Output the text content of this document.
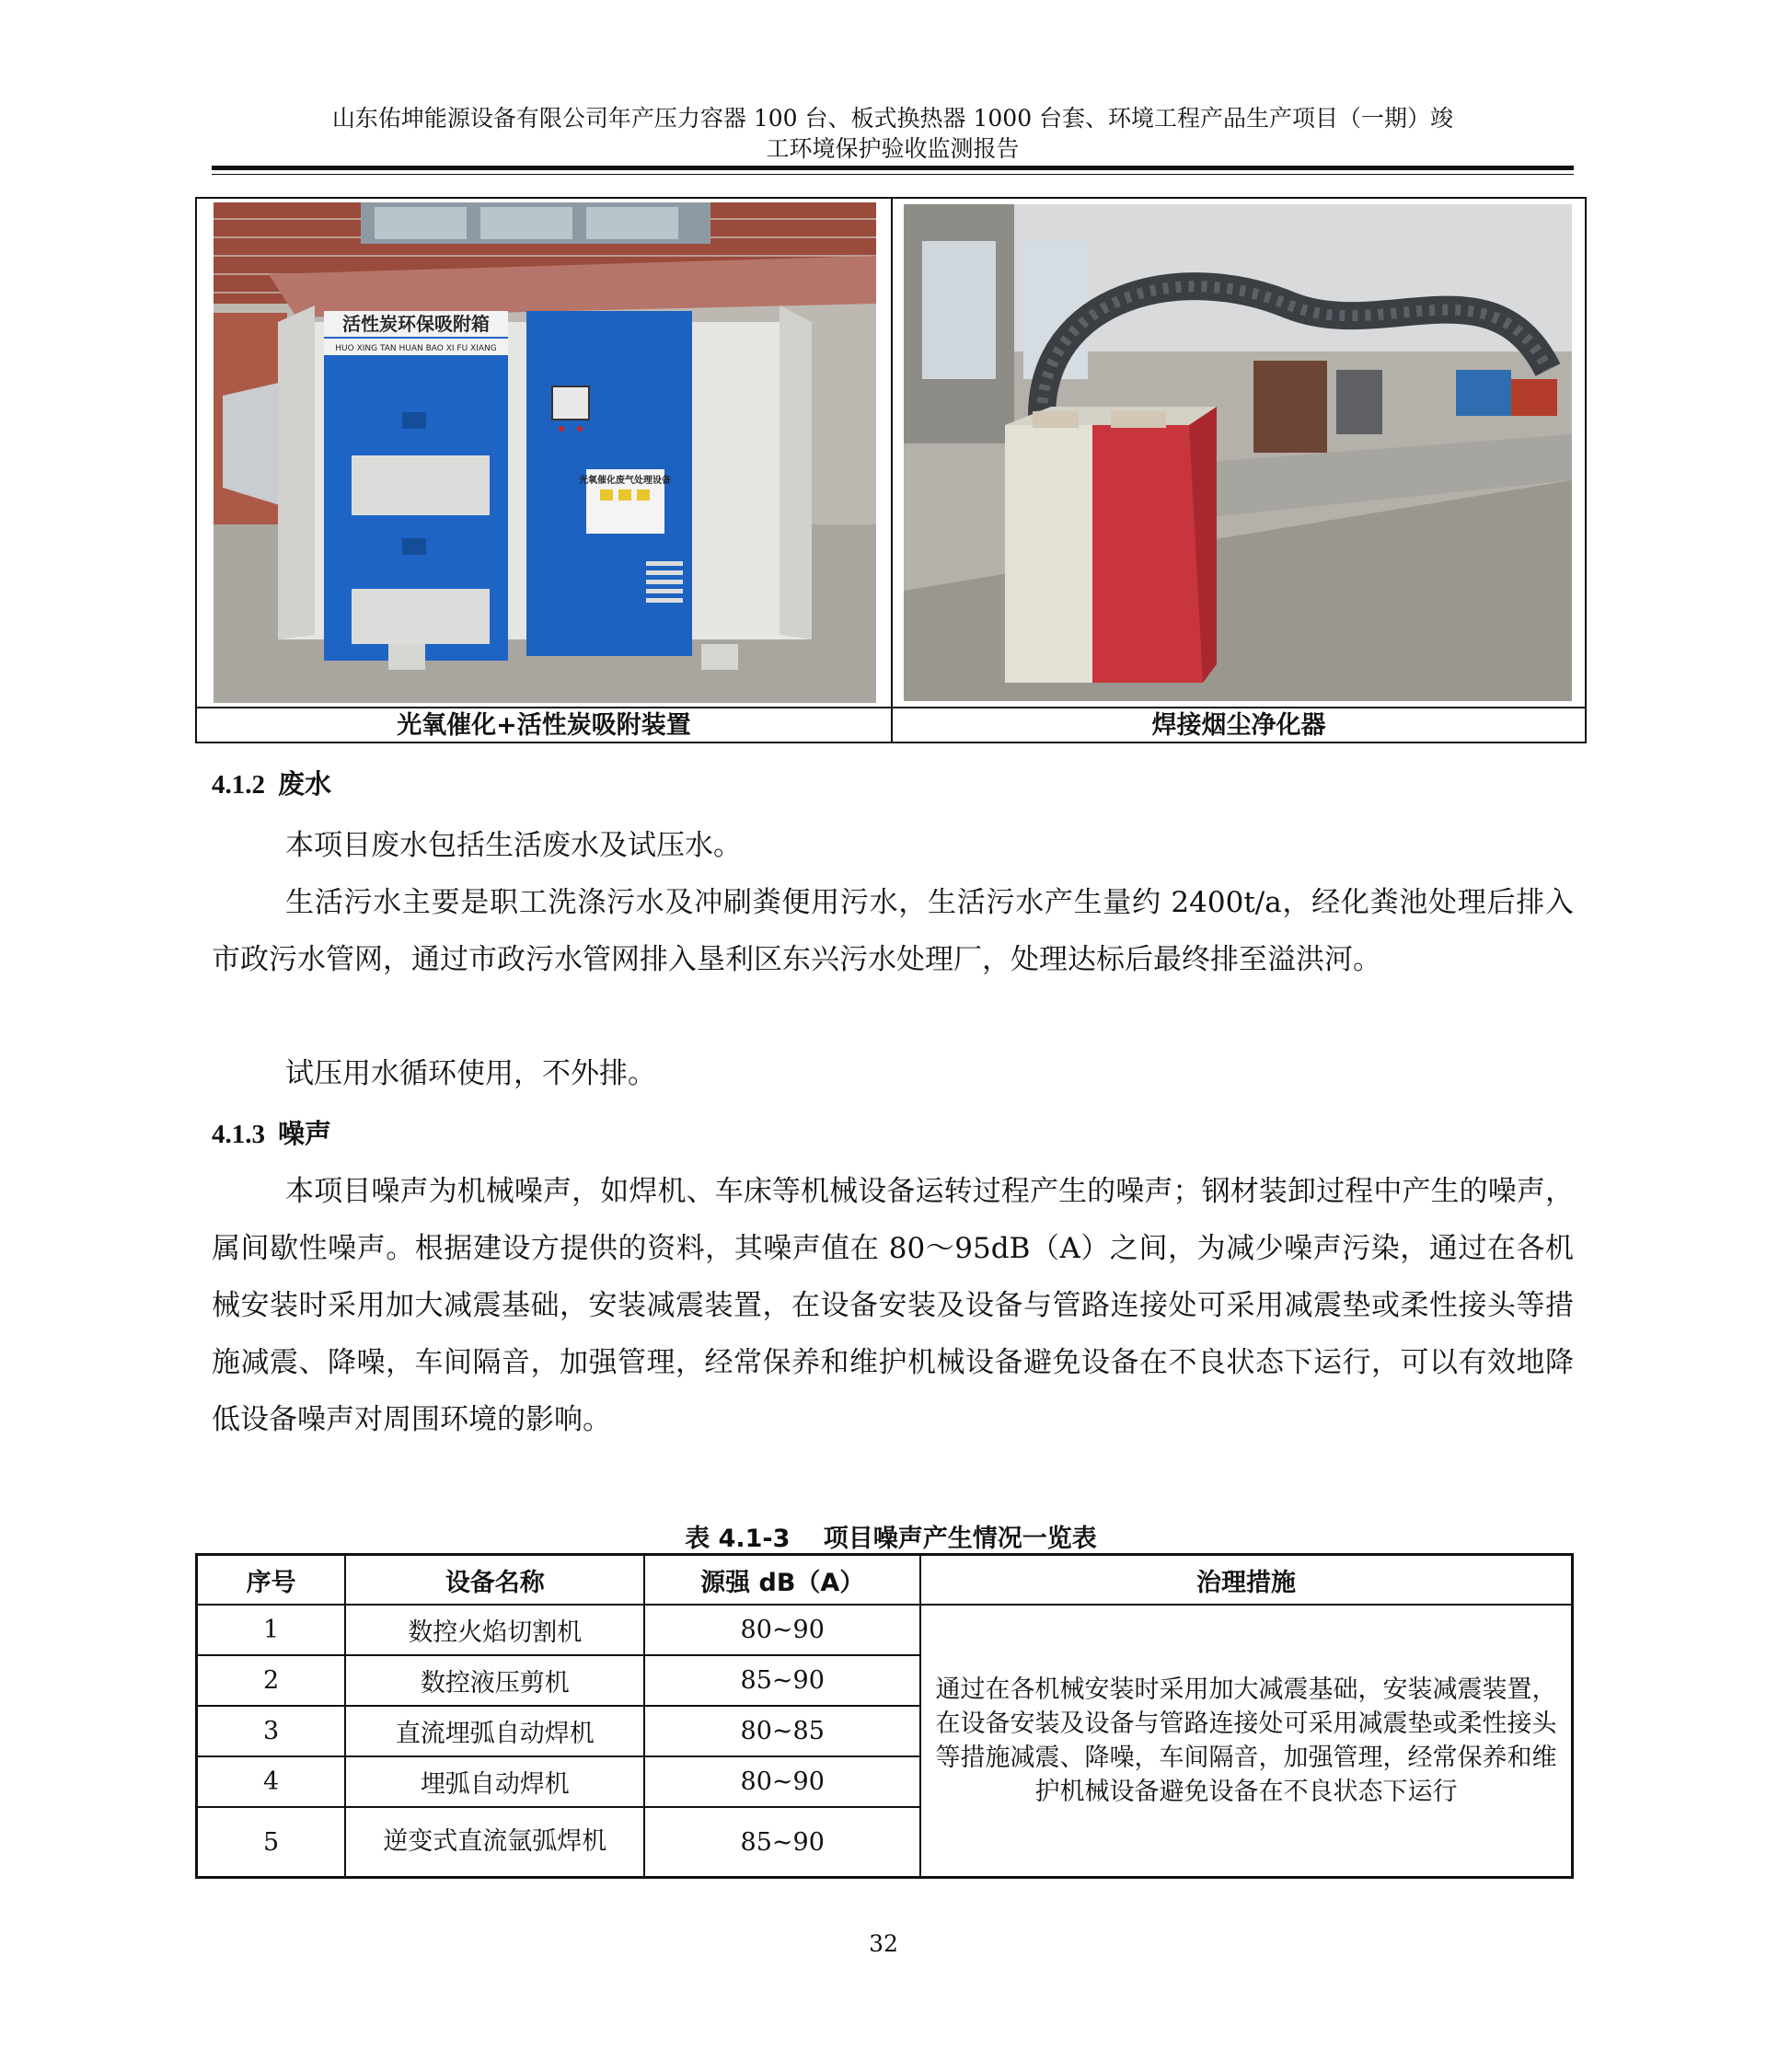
山东佑坤能源设备有限公司年产压力容器 100 台、板式换热器 1000 台套、环境工程产品生产项目（一期）竣
工环境保护验收监测报告
活性炭环保吸附箱
HUO XING TAN HUAN BAO XI FU XIANG
光氧催化废气处理设备
光氧催化+活性炭吸附装置	焊接烟尘净化器
4.1.2 废水

本项目废水包括生活废水及试压水。

生活污水主要是职工洗涤污水及冲刷粪便用污水，生活污水产生量约 2400t/a，经化粪池处理后排入市政污水管网，通过市政污水管网排入垦利区东兴污水处理厂，处理达标后最终排至溢洪河。

试压用水循环使用，不外排。

4.1.3 噪声

本项目噪声为机械噪声，如焊机、车床等机械设备运转过程产生的噪声；钢材装卸过程中产生的噪声，属间歇性噪声。根据建设方提供的资料，其噪声值在 80～95dB（A）之间，为减少噪声污染，通过在各机械安装时采用加大减震基础，安装减震装置，在设备安装及设备与管路连接处可采用减震垫或柔性接头等措施减震、降噪，车间隔音，加强管理，经常保养和维护机械设备避免设备在不良状态下运行，可以有效地降低设备噪声对周围环境的影响。

表 4.1-3　 项目噪声产生情况一览表
序号	设备名称	源强 dB（A）	治理措施
1	数控火焰切割机	80~90	通过在各机械安装时采用加大减震基础，安装减震装置，在设备安装及设备与管路连接处可采用减震垫或柔性接头等措施减震、降噪，车间隔音，加强管理，经常保养和维护机械设备避免设备在不良状态下运行
2	数控液压剪机	85~90	
3	直流埋弧自动焊机	80~85	
4	埋弧自动焊机	80~90	
5	逆变式直流氩弧焊机	85~90	
32
